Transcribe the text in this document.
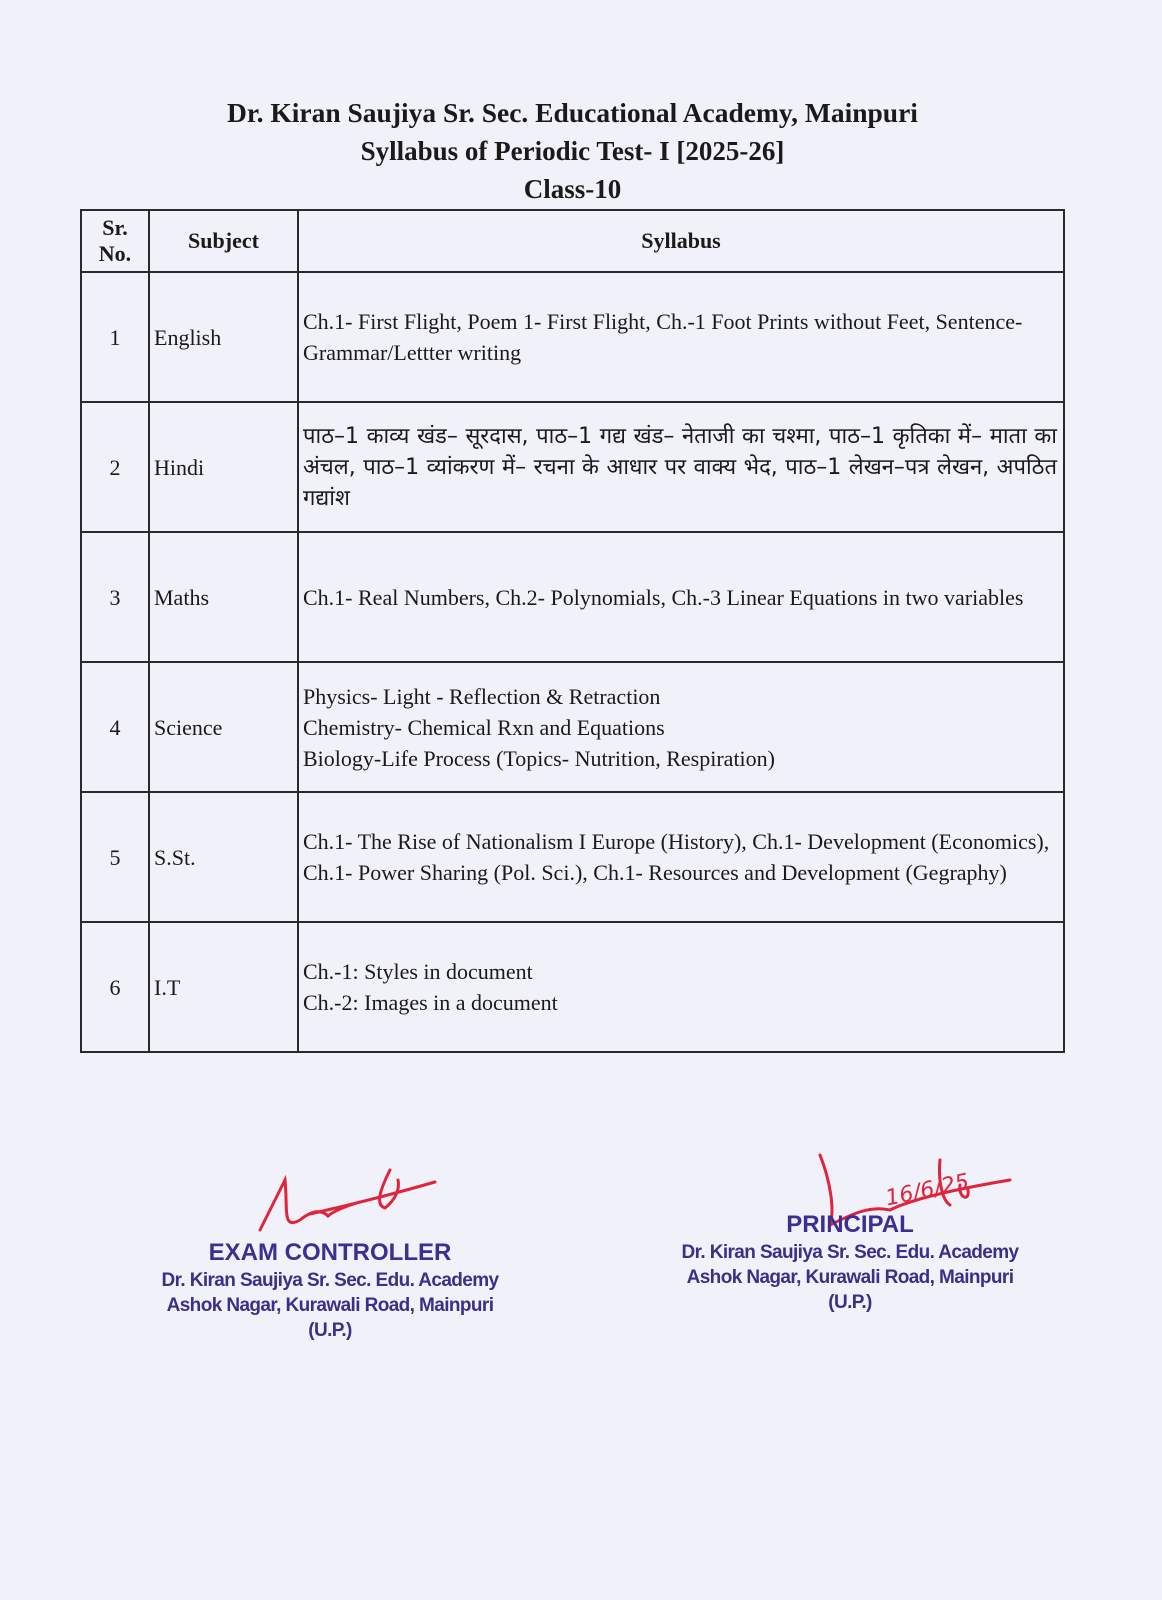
Dr. Kiran Saujiya Sr. Sec. Educational Academy, Mainpuri
Syllabus of Periodic Test- I [2025-26]
Class-10
Sr.
No.	Subject	Syllabus
1	English	Ch.1- First Flight, Poem 1- First Flight, Ch.-1 Foot Prints without Feet, Sentence- Grammar/Lettter writing

2	Hindi	पाठ–1 काव्य खंड– सूरदास, पाठ–1 गद्य खंड– नेताजी का चश्मा, पाठ–1 कृतिका में– माता का अंचल, पाठ–1 व्यांकरण में– रचना के आधार पर वाक्य भेद, पाठ–1 लेखन–पत्र लेखन, अपठित गद्यांश

3	Maths	Ch.1- Real Numbers, Ch.2- Polynomials, Ch.-3 Linear Equations in two variables

4	Science	Physics- Light - Reflection & Retraction
Chemistry- Chemical Rxn and Equations
Biology-Life Process (Topics- Nutrition, Respiration)

5	S.St.	Ch.1- The Rise of Nationalism I Europe (History), Ch.1- Development (Economics), Ch.1- Power Sharing (Pol. Sci.), Ch.1- Resources and Development (Gegraphy)

6	I.T	Ch.-1: Styles in document
Ch.-2: Images in a document
EXAM CONTROLLER
Dr. Kiran Saujiya Sr. Sec. Edu. Academy
Ashok Nagar, Kurawali Road, Mainpuri (U.P.)
16/6/25
PRINCIPAL
Dr. Kiran Saujiya Sr. Sec. Edu. Academy
Ashok Nagar, Kurawali Road, Mainpuri (U.P.)
